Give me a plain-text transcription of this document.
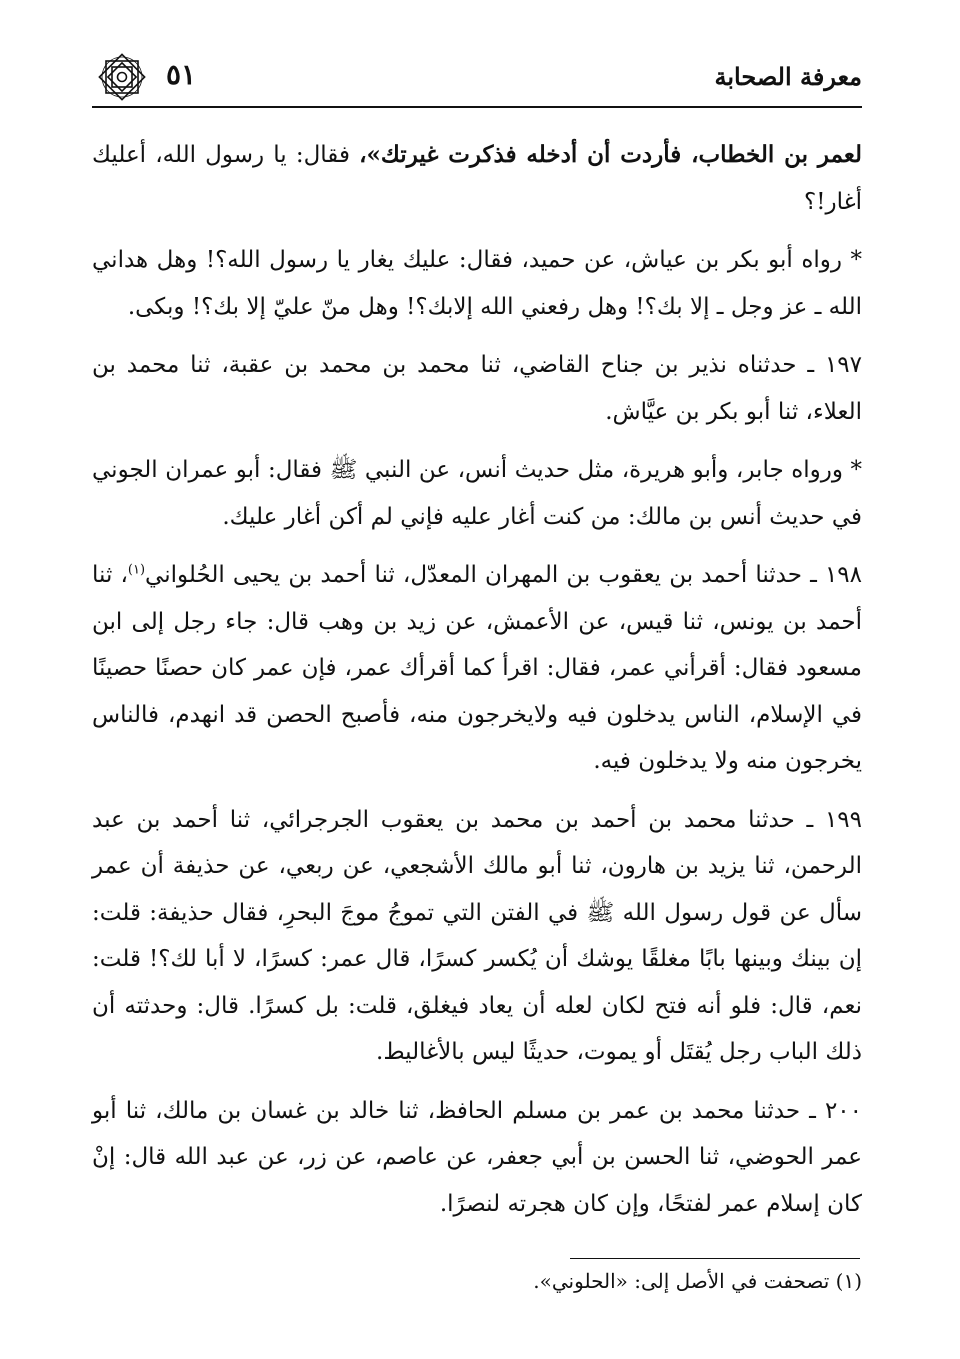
٥١	معرفة الصحابة

لعمر بن الخطاب، فأردت أن أدخله فذكرت غيرتك»، فقال: يا رسول الله، أعليك أغار!؟

* رواه أبو بكر بن عياش، عن حميد، فقال: عليك يغار يا رسول الله؟! وهل هداني الله ـ عز وجل ـ إلا بك؟! وهل رفعني الله إلابك؟! وهل منّ عليّ إلا بك؟! وبكى.

١٩٧ ـ حدثناه نذير بن جناح القاضي، ثنا محمد بن محمد بن عقبة، ثنا محمد بن العلاء، ثنا أبو بكر بن عيَّاش.

* ورواه جابر، وأبو هريرة، مثل حديث أنس، عن النبي ﷺ فقال: أبو عمران الجوني في حديث أنس بن مالك: من كنت أغار عليه فإني لم أكن أغار عليك.

١٩٨ ـ حدثنا أحمد بن يعقوب بن المهران المعدّل، ثنا أحمد بن يحيى الحُلواني$^{(١)}$، ثنا أحمد بن يونس، ثنا قيس، عن الأعمش، عن زيد بن وهب قال: جاء رجل إلى ابن مسعود فقال: أقرأني عمر، فقال: اقرأ كما أقرأك عمر، فإن عمر كان حصنًا حصينًا في الإسلام، الناس يدخلون فيه ولايخرجون منه، فأصبح الحصن قد انهدم، فالناس يخرجون منه ولا يدخلون فيه.

١٩٩ ـ حدثنا محمد بن أحمد بن محمد بن يعقوب الجرجرائي، ثنا أحمد بن عبد الرحمن، ثنا يزيد بن هارون، ثنا أبو مالك الأشجعي، عن ربعي، عن حذيفة أن عمر سأل عن قول رسول الله ﷺ في الفتن التي تموجُ موجَ البحرِ، فقال حذيفة: قلت: إن بينك وبينها بابًا مغلقًا يوشك أن يُكسر كسرًا، قال عمر: كسرًا، لا أبا لك؟! قلت: نعم، قال: فلو أنه فتح لكان لعله أن يعاد فيغلق، قلت: بل كسرًا. قال: وحدثته أن ذلك الباب رجل يُقتَل أو يموت، حديثًا ليس بالأغاليط.

٢٠٠ ـ حدثنا محمد بن عمر بن مسلم الحافظ، ثنا خالد بن غسان بن مالك، ثنا أبو عمر الحوضي، ثنا الحسن بن أبي جعفر، عن عاصم، عن زر، عن عبد الله قال: إنْ كان إسلام عمر لفتحًا، وإن كان هجرته لنصرًا.

(١) تصحفت في الأصل إلى: «الحلوني».
